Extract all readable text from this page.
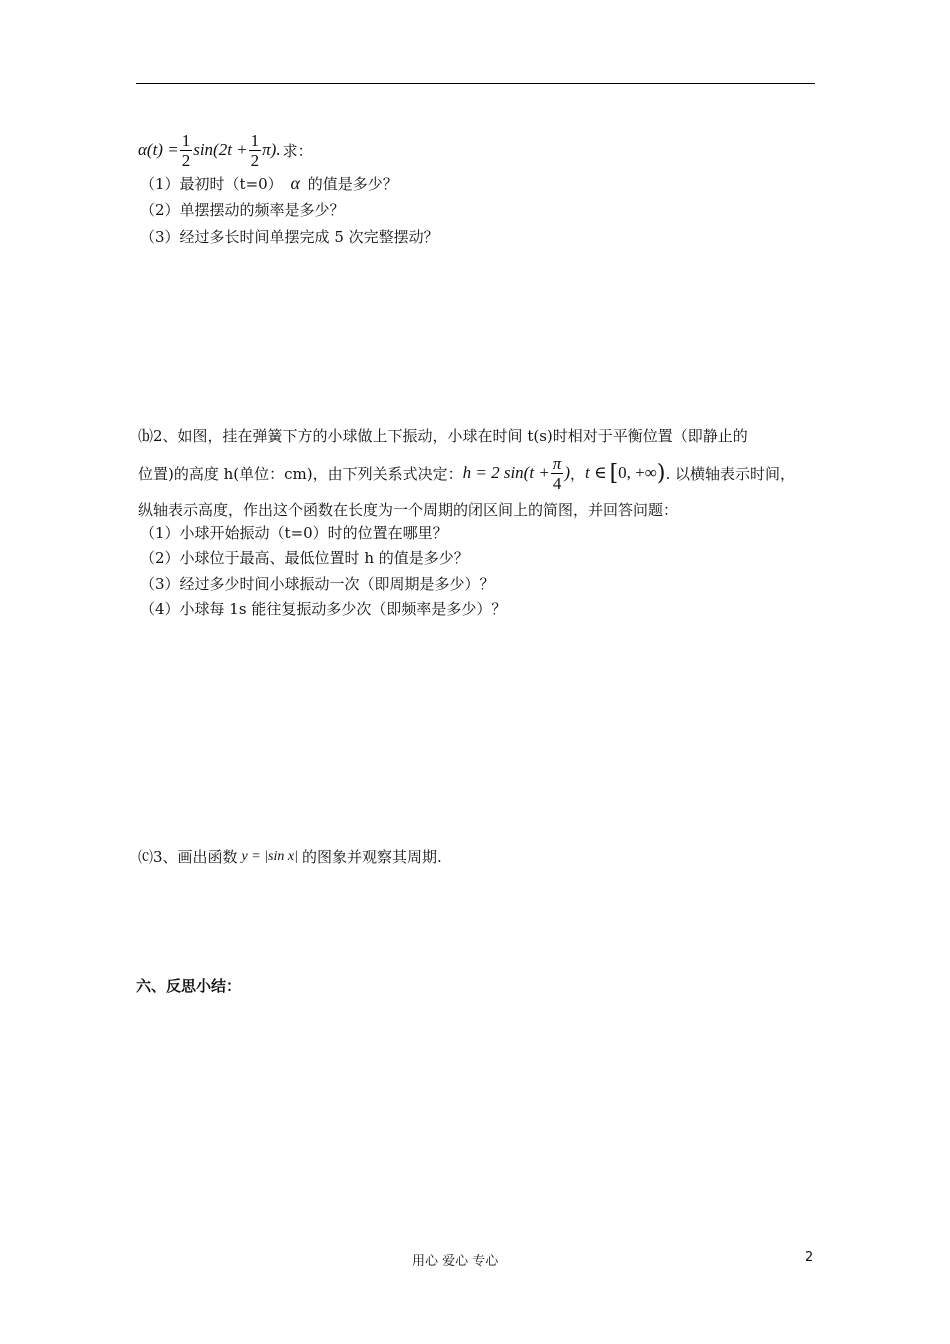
$\alpha(t) = \frac{1}{2} \sin(2t + \frac{1}{2} \pi)$. 求：
（1）最初时（t=0） α 的值是多少？
（2）单摆摆动的频率是多少？
（3）经过多长时间单摆完成 5 次完整摆动？
⒝2、如图，挂在弹簧下方的小球做上下振动，小球在时间 t(s)时相对于平衡位置（即静止的
位置)的高度 h(单位：cm)，由下列关系式决定： h = 2 $\sin(t + \frac{\pi}{4}$ ) ， t ∈ [ 0, +∞ ) . 以横轴表示时间，
纵轴表示高度，作出这个函数在长度为一个周期的闭区间上的简图，并回答问题：
（1）小球开始振动（t=0）时的位置在哪里？
（2）小球位于最高、最低位置时 h 的值是多少？
（3）经过多少时间小球振动一次（即周期是多少）？
（4）小球每 1s 能往复振动多少次（即频率是多少）？
⒞3、画出函数 y = |sin x| 的图象并观察其周期.
六、反思小结：
用心 爱心 专心	2
